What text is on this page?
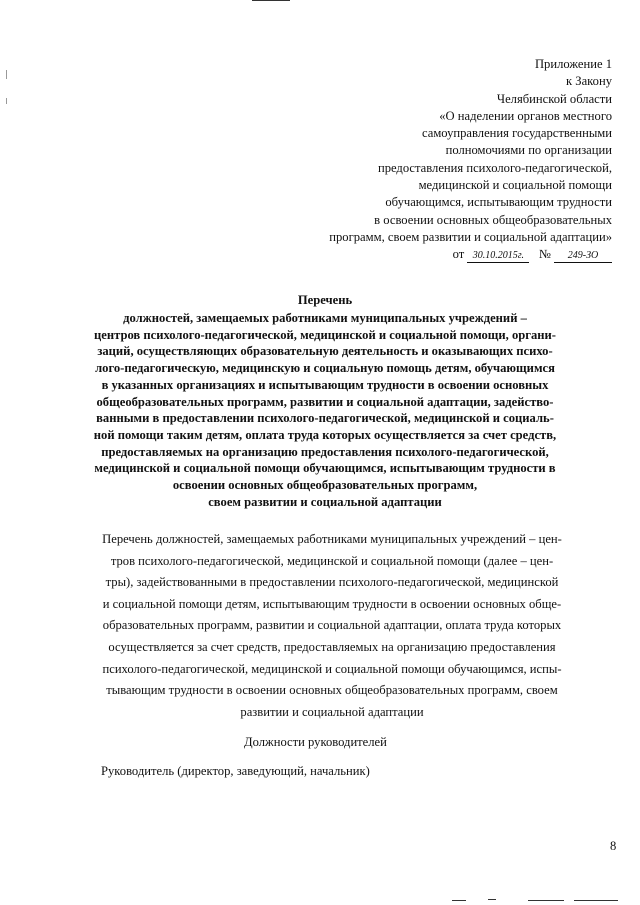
Приложение 1
к Закону
Челябинской области
«О наделении органов местного
самоуправления государственными
полномочиями по организации
предоставления психолого-педагогической,
медицинской и социальной помощи
обучающимся, испытывающим трудности
в освоении основных общеобразовательных
программ, своем развитии и социальной адаптации»
от 30.10.2015г. № 249-ЗО
Перечень
должностей, замещаемых работниками муниципальных учреждений –
центров психолого-педагогической, медицинской и социальной помощи, органи-
заций, осуществляющих образовательную деятельность и оказывающих психо-
лого-педагогическую, медицинскую и социальную помощь детям, обучающимся
в указанных организациях и испытывающим трудности в освоении основных
общеобразовательных программ, развитии и социальной адаптации, задейство-
ванными в предоставлении психолого-педагогической, медицинской и социаль-
ной помощи таким детям, оплата труда которых осуществляется за счет средств,
предоставляемых на организацию предоставления психолого-педагогической,
медицинской и социальной помощи обучающимся, испытывающим трудности в
освоении основных общеобразовательных программ,
своем развитии и социальной адаптации
Перечень должностей, замещаемых работниками муниципальных учреждений – цен-
тров психолого-педагогической, медицинской и социальной помощи (далее – цен-
тры), задействованными в предоставлении психолого-педагогической, медицинской
и социальной помощи детям, испытывающим трудности в освоении основных обще-
образовательных программ, развитии и социальной адаптации, оплата труда которых
осуществляется за счет средств, предоставляемых на организацию предоставления
психолого-педагогической, медицинской и социальной помощи обучающимся, испы-
тывающим трудности в освоении основных общеобразовательных программ, своем
развитии и социальной адаптации
Должности руководителей
Руководитель (директор, заведующий, начальник)
8
